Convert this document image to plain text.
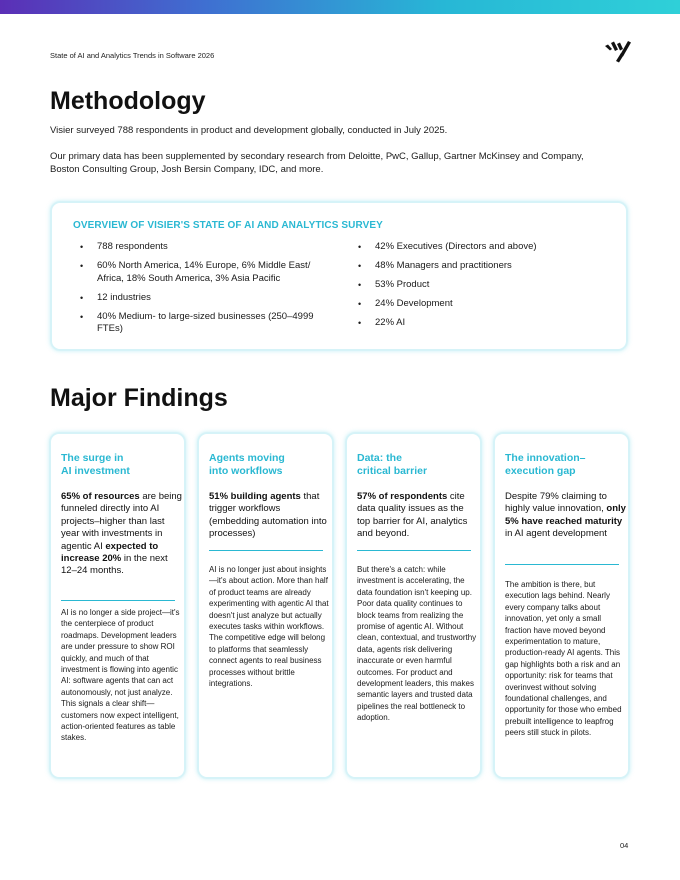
State of AI and Analytics Trends in Software 2026
Methodology

Visier surveyed 788 respondents in product and development globally, conducted in July 2025.

Our primary data has been supplemented by secondary research from Deloitte, PwC, Gallup, Gartner McKinsey and Company, Boston Consulting Group, Josh Bersin Company, IDC, and more.

OVERVIEW OF VISIER'S STATE OF AI AND ANALYTICS SURVEY
• 788 respondents
• 60% North America, 14% Europe, 6% Middle East/ Africa, 18% South America, 3% Asia Pacific
• 12 industries
• 40% Medium- to large-sized businesses (250–4999 FTEs)
• 42% Executives (Directors and above)
• 48% Managers and practitioners
• 53% Product
• 24% Development
• 22% AI
Major Findings

The surge in
AI investment

65% of resources are being funneled directly into AI projects–higher than last year with investments in agentic AI expected to increase 20% in the next 12–24 months.

AI is no longer a side project—it's the centerpiece of product roadmaps. Development leaders are under pressure to show ROI quickly, and much of that investment is flowing into agentic AI: software agents that can act autonomously, not just analyze. This signals a clear shift—customers now expect intelligent, action-oriented features as table stakes.

Agents moving
into workflows

51% building agents that trigger workflows (embedding automation into processes)

AI is no longer just about insights—it's about action. More than half of product teams are already experimenting with agentic AI that doesn't just analyze but actually executes tasks within workflows. The competitive edge will belong to platforms that seamlessly connect agents to real business processes without brittle integrations.

Data: the
critical barrier

57% of respondents cite data quality issues as the top barrier for AI, analytics and beyond.

But there's a catch: while investment is accelerating, the data foundation isn't keeping up. Poor data quality continues to block teams from realizing the promise of agentic AI. Without clean, contextual, and trustworthy data, agents risk delivering inaccurate or even harmful outcomes. For product and development leaders, this makes semantic layers and trusted data pipelines the real bottleneck to adoption.

The innovation–
execution gap

Despite 79% claiming to highly value innovation, only 5% have reached maturity in AI agent development

The ambition is there, but execution lags behind. Nearly every company talks about innovation, yet only a small fraction have moved beyond experimentation to mature, production-ready AI agents. This gap highlights both a risk and an opportunity: risk for teams that overinvest without solving foundational challenges, and opportunity for those who embed prebuilt intelligence to leapfrog peers still stuck in pilots.

04
